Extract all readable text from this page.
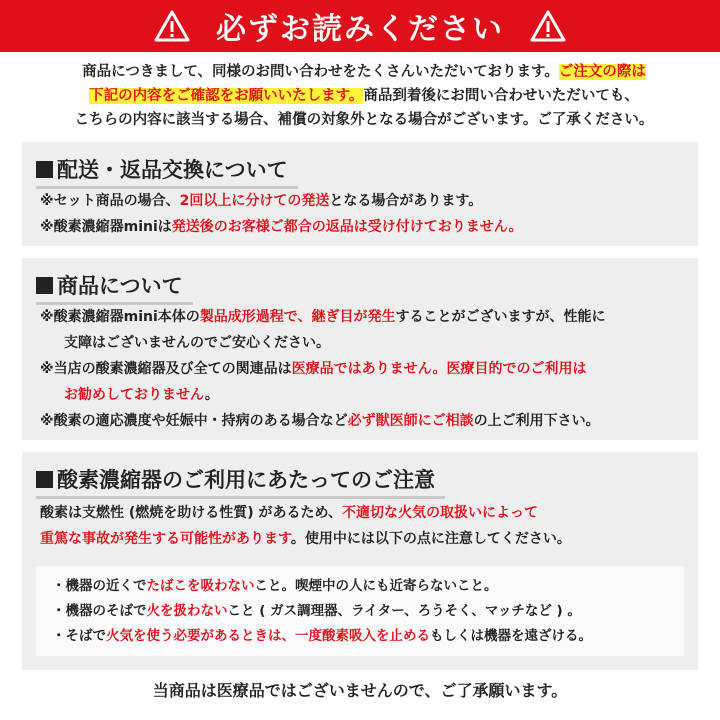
必ずお読みください
商品につきまして、同様のお問い合わせをたくさんいただいております。ご注文の際は
下記の内容をご確認をお願いいたします。商品到着後にお問い合わせいただいても、
こちらの内容に該当する場合、補償の対象外となる場合がございます。ご了承ください。
配送・返品交換について
※セット商品の場合、2回以上に分けての発送となる場合があります。
※酸素濃縮器miniは発送後のお客様ご都合の返品は受け付けておりません。
商品について
※酸素濃縮器mini本体の製品成形過程で、継ぎ目が発生することがございますが、性能に
支障はございませんのでご安心ください。
※当店の酸素濃縮器及び全ての関連品は医療品ではありません。医療目的でのご利用は
お勧めしておりません。
※酸素の適応濃度や妊娠中・持病のある場合など必ず獣医師にご相談の上ご利用下さい。
酸素濃縮器のご利用にあたってのご注意
酸素は支燃性 (燃焼を助ける性質) があるため、不適切な火気の取扱いによって
重篤な事故が発生する可能性があります。使用中には以下の点に注意してください。
・機器の近くでたばこを吸わないこと。喫煙中の人にも近寄らないこと。
・機器のそばで火を扱わないこと ( ガス調理器、ライター、ろうそく、マッチなど ) 。
・そばで火気を使う必要があるときは、一度酸素吸入を止めるもしくは機器を遠ざける。
当商品は医療品ではございませんので、ご了承願います。
